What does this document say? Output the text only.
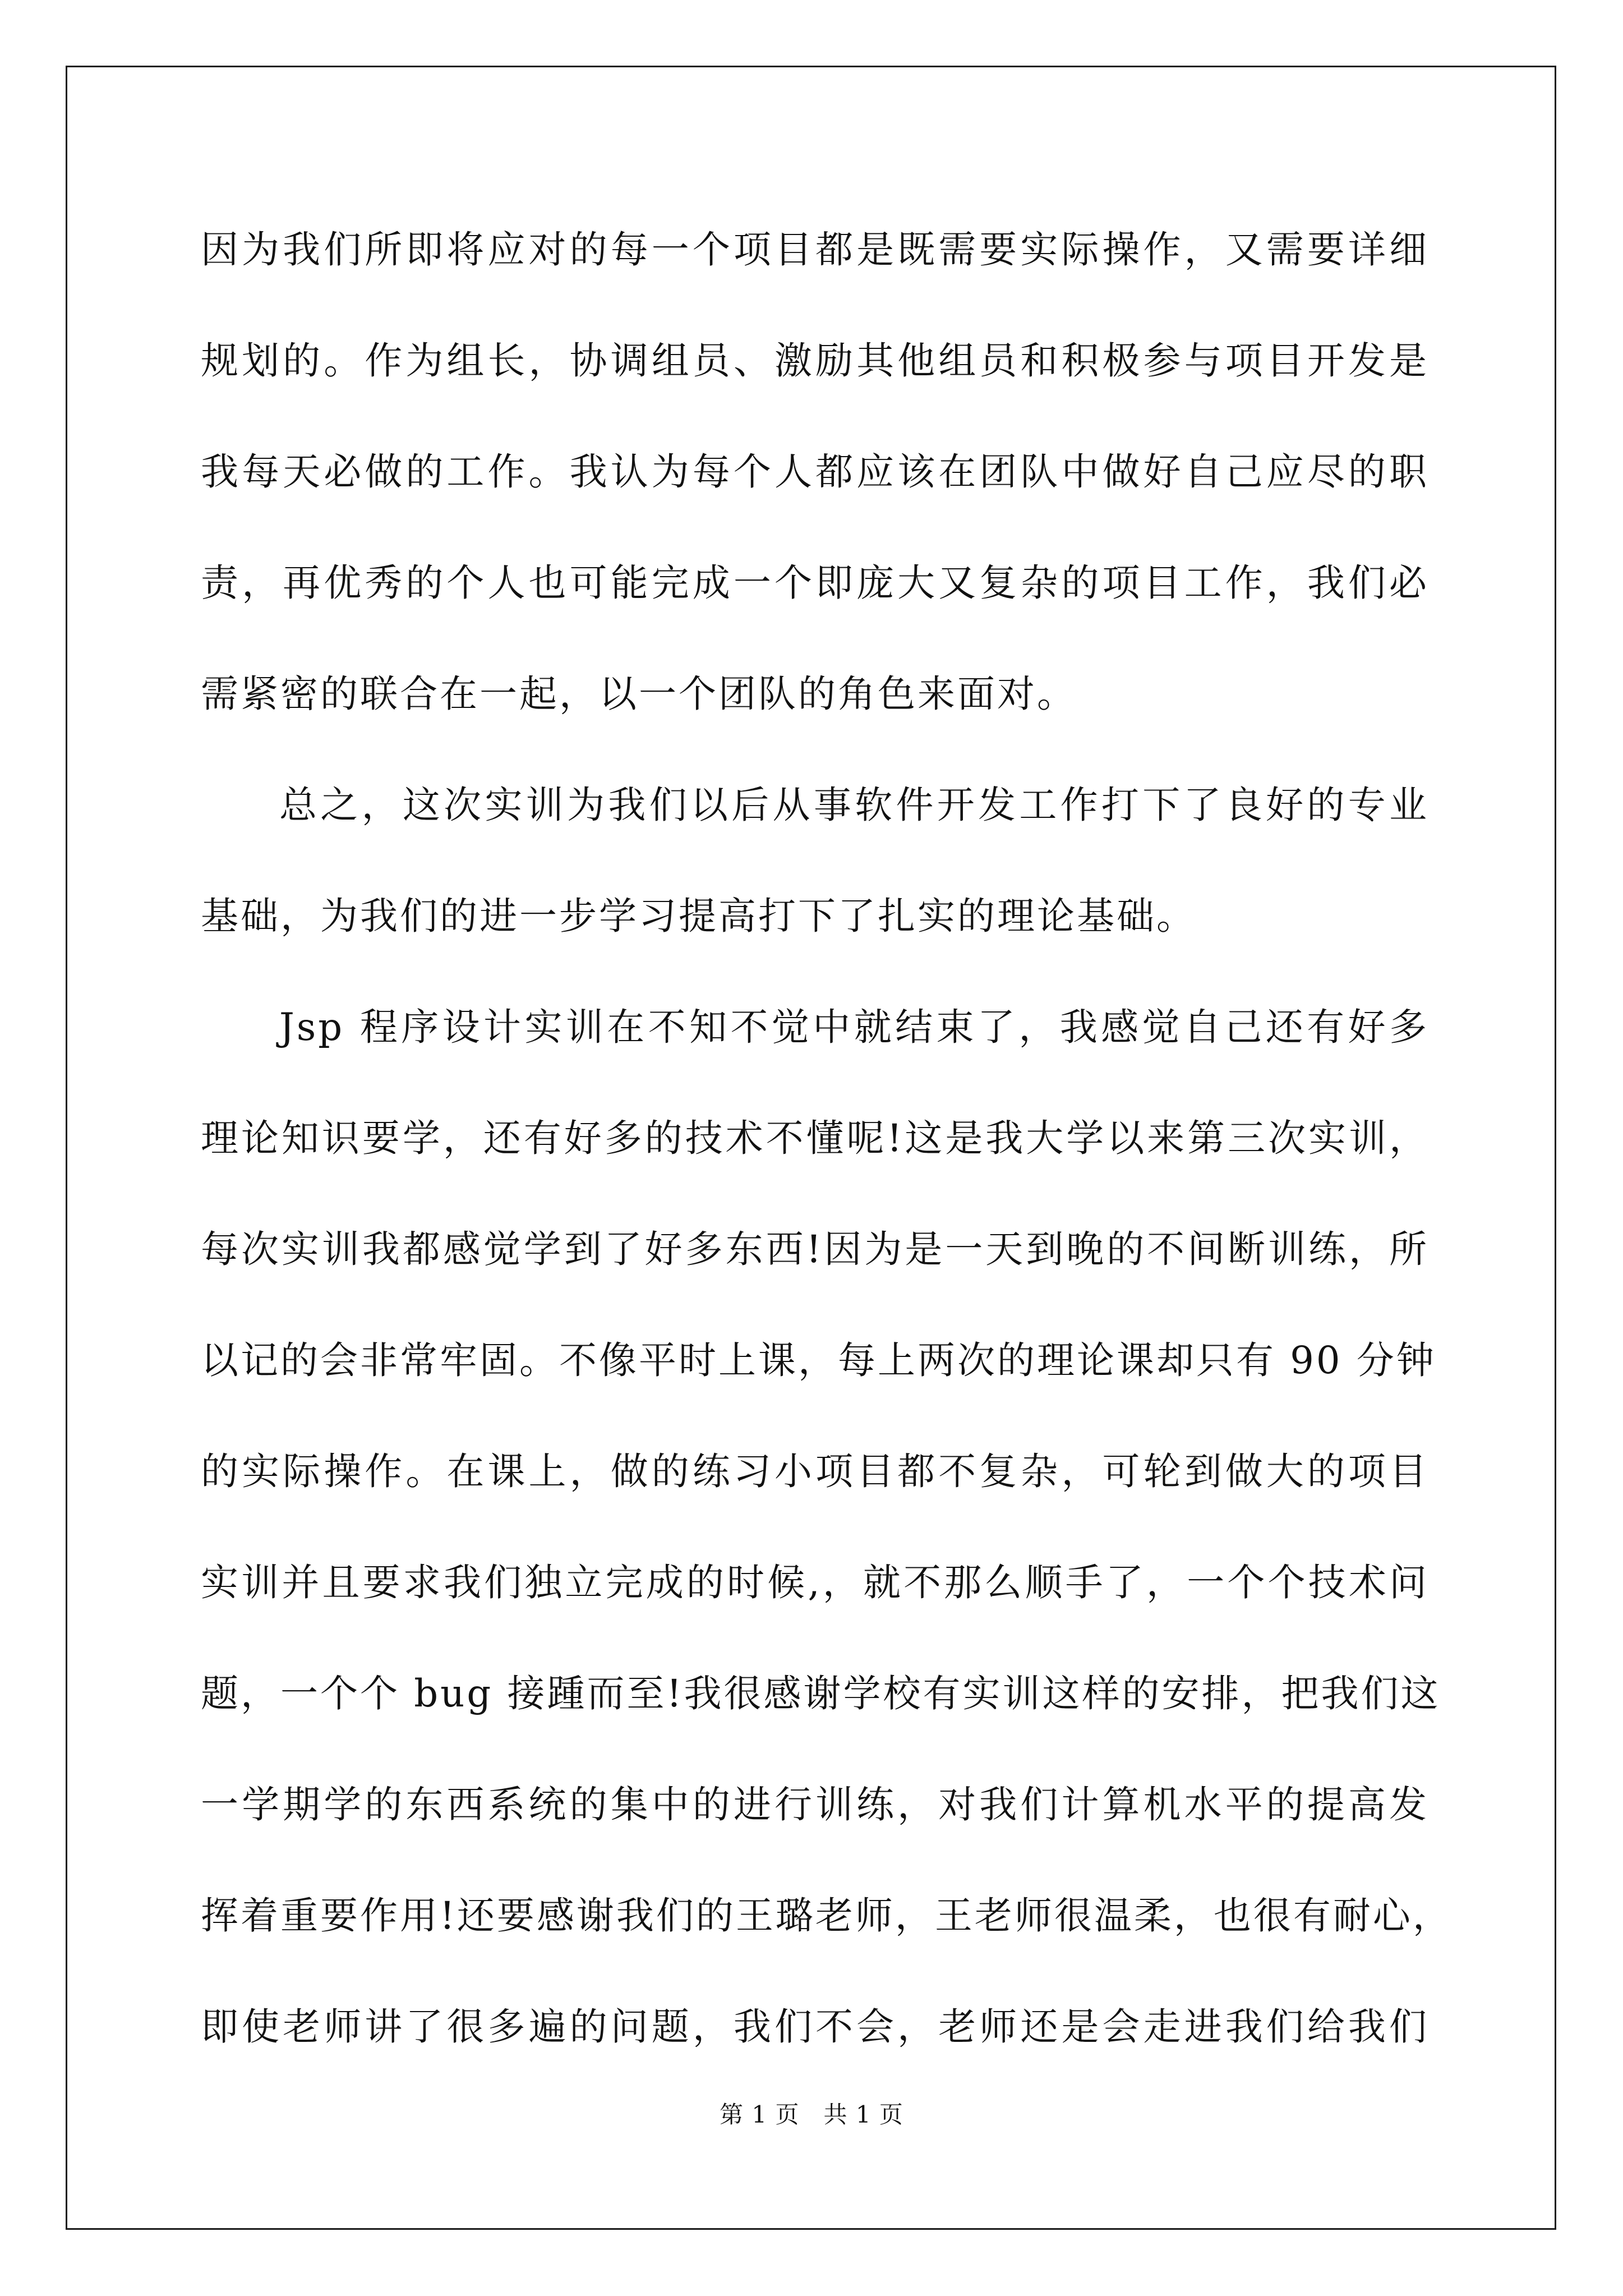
因为我们所即将应对的每一个项目都是既需要实际操作，又需要详细
规划的。作为组长，协调组员、激励其他组员和积极参与项目开发是
我每天必做的工作。我认为每个人都应该在团队中做好自己应尽的职
责，再优秀的个人也可能完成一个即庞大又复杂的项目工作，我们必
需紧密的联合在一起，以一个团队的角色来面对。
总之，这次实训为我们以后从事软件开发工作打下了良好的专业
基础，为我们的进一步学习提高打下了扎实的理论基础。
Jsp 程序设计实训在不知不觉中就结束了，我感觉自己还有好多
理论知识要学，还有好多的技术不懂呢!这是我大学以来第三次实训，
每次实训我都感觉学到了好多东西!因为是一天到晚的不间断训练，所
以记的会非常牢固。不像平时上课，每上两次的理论课却只有 90 分钟
的实际操作。在课上，做的练习小项目都不复杂，可轮到做大的项目
实训并且要求我们独立完成的时候,，就不那么顺手了，一个个技术问
题，一个个 bug 接踵而至!我很感谢学校有实训这样的安排，把我们这
一学期学的东西系统的集中的进行训练，对我们计算机水平的提高发
挥着重要作用!还要感谢我们的王璐老师，王老师很温柔，也很有耐心，
即使老师讲了很多遍的问题，我们不会，老师还是会走进我们给我们
第 1 页　共 1 页
